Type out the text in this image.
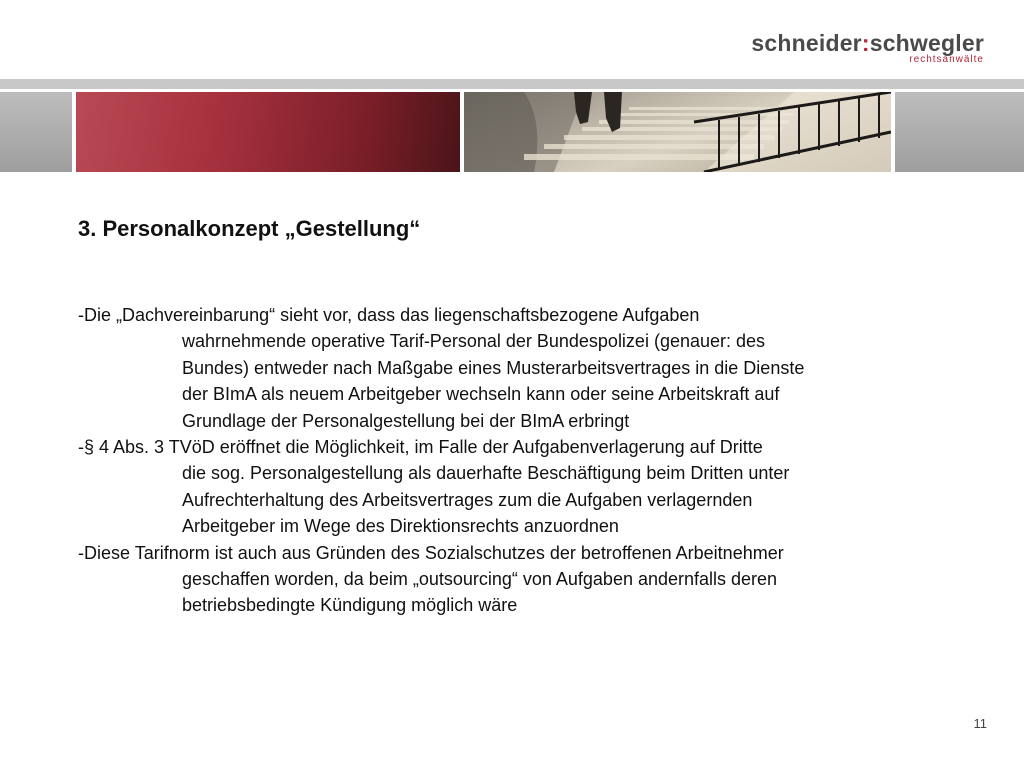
schneider:schwegler
rechtsanwälte
3. Personalkonzept „Gestellung“
-Die „Dachvereinbarung“ sieht vor, dass das liegenschaftsbezogene Aufgaben
wahrnehmende operative Tarif-Personal der Bundespolizei (genauer: des
Bundes) entweder nach Maßgabe eines Musterarbeitsvertrages in die Dienste
der BImA als neuem Arbeitgeber wechseln kann oder seine Arbeitskraft auf
Grundlage der Personalgestellung bei der BImA erbringt
-§ 4 Abs. 3 TVöD eröffnet die Möglichkeit, im Falle der Aufgabenverlagerung auf Dritte
die sog. Personalgestellung als dauerhafte Beschäftigung beim Dritten unter
Aufrechterhaltung des Arbeitsvertrages zum die Aufgaben verlagernden
Arbeitgeber im Wege des Direktionsrechts anzuordnen
-Diese Tarifnorm ist auch aus Gründen des Sozialschutzes der betroffenen Arbeitnehmer
geschaffen worden, da beim „outsourcing“ von Aufgaben andernfalls deren
betriebsbedingte Kündigung möglich wäre
11
